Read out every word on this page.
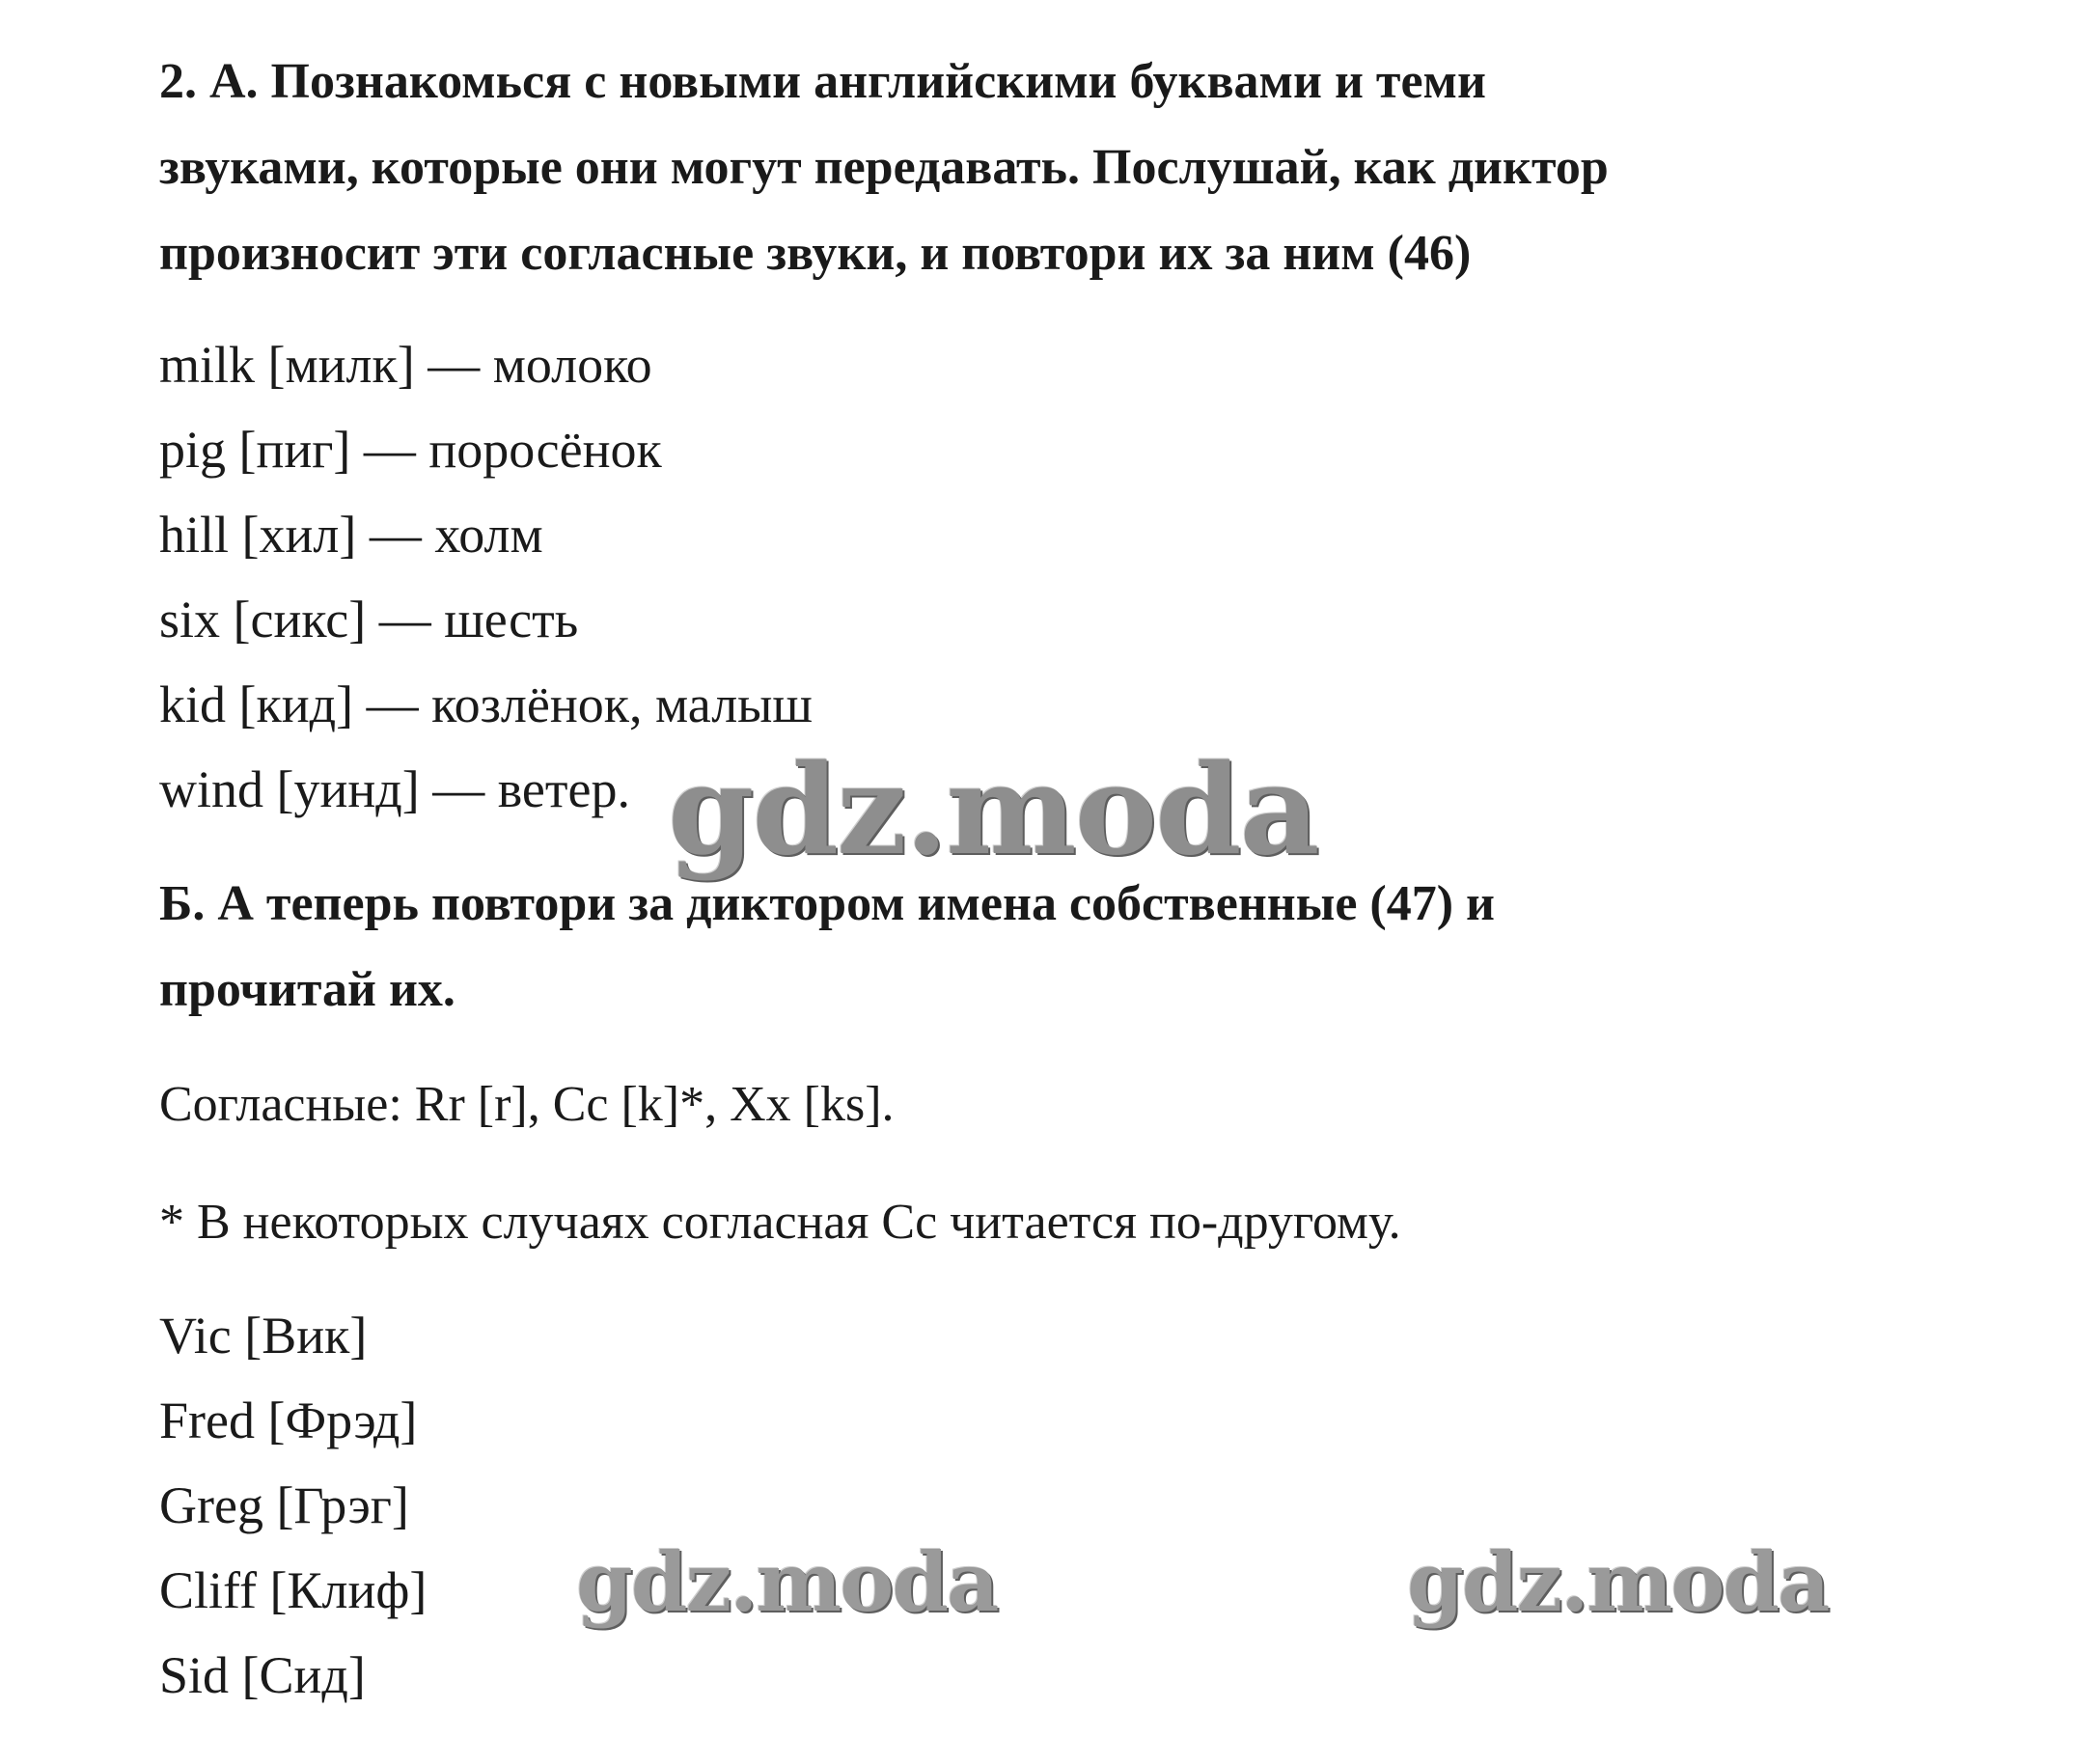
2. А. Познакомься с новыми английскими буквами и теми
звуками, которые они могут передавать. Послушай, как диктор
произносит эти согласные звуки, и повтори их за ним (46)
milk [милк] — молоко
pig [пиг] — поросёнок
hill [хил] — холм
six [сикс] — шесть
kid [кид] — козлёнок, малыш
wind [уинд] — ветер.
Б. А теперь повтори за диктором имена собственные (47) и
прочитай их.

Согласные: Rr [r], Cc [k]*, Xx [ks].

* В некоторых случаях согласная Cc читается по-другому.

Vic [Вик]
Fred [Фрэд]
Greg [Грэг]
Cliff [Клиф]
Sid [Сид]
gdz.moda
gdz.moda	gdz.moda
